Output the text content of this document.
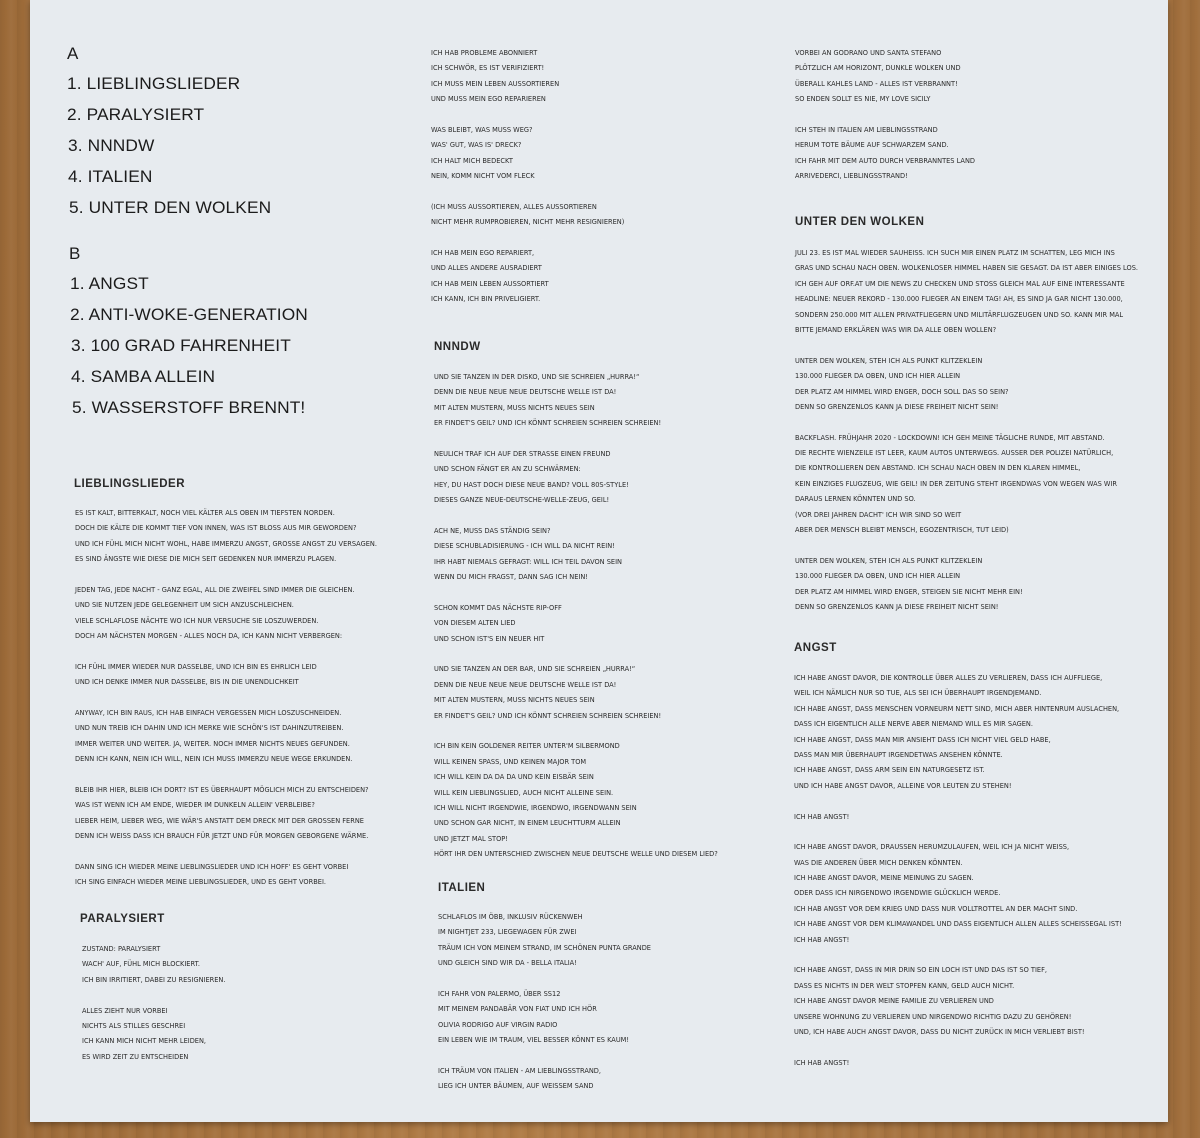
A
1. LIEBLINGSLIEDER
2. PARALYSIERT
3. NNNDW
4. ITALIEN
5. UNTER DEN WOLKEN
B
1. ANGST
2. ANTI-WOKE-GENERATION
3. 100 GRAD FAHRENHEIT
4. SAMBA ALLEIN
5. WASSERSTOFF BRENNT!
LIEBLINGSLIEDER
ES IST KALT, BITTERKALT, NOCH VIEL KÄLTER ALS OBEN IM TIEFSTEN NORDEN.
DOCH DIE KÄLTE DIE KOMMT TIEF VON INNEN, WAS IST BLOSS AUS MIR GEWORDEN?
UND ICH FÜHL MICH NICHT WOHL, HABE IMMERZU ANGST, GROSSE ANGST ZU VERSAGEN.
ES SIND ÄNGSTE WIE DIESE DIE MICH SEIT GEDENKEN NUR IMMERZU PLAGEN.
JEDEN TAG, JEDE NACHT - GANZ EGAL, ALL DIE ZWEIFEL SIND IMMER DIE GLEICHEN.
UND SIE NUTZEN JEDE GELEGENHEIT UM SICH ANZUSCHLEICHEN.
VIELE SCHLAFLOSE NÄCHTE WO ICH NUR VERSUCHE SIE LOSZUWERDEN.
DOCH AM NÄCHSTEN MORGEN - ALLES NOCH DA, ICH KANN NICHT VERBERGEN:
ICH FÜHL IMMER WIEDER NUR DASSELBE, UND ICH BIN ES EHRLICH LEID
UND ICH DENKE IMMER NUR DASSELBE, BIS IN DIE UNENDLICHKEIT
ANYWAY, ICH BIN RAUS, ICH HAB EINFACH VERGESSEN MICH LOSZUSCHNEIDEN.
UND NUN TREIB ICH DAHIN UND ICH MERKE WIE SCHÖN'S IST DAHINZUTREIBEN.
IMMER WEITER UND WEITER. JA, WEITER. NOCH IMMER NICHTS NEUES GEFUNDEN.
DENN ICH KANN, NEIN ICH WILL, NEIN ICH MUSS IMMERZU NEUE WEGE ERKUNDEN.
BLEIB IHR HIER, BLEIB ICH DORT? IST ES ÜBERHAUPT MÖGLICH MICH ZU ENTSCHEIDEN?
WAS IST WENN ICH AM ENDE, WIEDER IM DUNKELN ALLEIN' VERBLEIBE?
LIEBER HEIM, LIEBER WEG, WIE WÄR'S ANSTATT DEM DRECK MIT DER GROSSEN FERNE
DENN ICH WEISS DASS ICH BRAUCH FÜR JETZT UND FÜR MORGEN GEBORGENE WÄRME.
DANN SING ICH WIEDER MEINE LIEBLINGSLIEDER UND ICH HOFF' ES GEHT VORBEI
ICH SING EINFACH WIEDER MEINE LIEBLINGSLIEDER, UND ES GEHT VORBEI.
PARALYSIERT
ZUSTAND: PARALYSIERT
WACH' AUF, FÜHL MICH BLOCKIERT.
ICH BIN IRRITIERT, DABEI ZU RESIGNIEREN.
ALLES ZIEHT NUR VORBEI
NICHTS ALS STILLES GESCHREI
ICH KANN MICH NICHT MEHR LEIDEN,
ES WIRD ZEIT ZU ENTSCHEIDEN
ICH HAB PROBLEME ABONNIERT
ICH SCHWÖR, ES IST VERIFIZIERT!
ICH MUSS MEIN LEBEN AUSSORTIEREN
UND MUSS MEIN EGO REPARIEREN
WAS BLEIBT, WAS MUSS WEG?
WAS' GUT, WAS IS' DRECK?
ICH HALT MICH BEDECKT
NEIN, KOMM NICHT VOM FLECK
(ICH MUSS AUSSORTIEREN, ALLES AUSSORTIEREN
NICHT MEHR RUMPROBIEREN, NICHT MEHR RESIGNIEREN)
ICH HAB MEIN EGO REPARIERT,
UND ALLES ANDERE AUSRADIERT
ICH HAB MEIN LEBEN AUSSORTIERT
ICH KANN, ICH BIN PRIVELIGIERT.
NNNDW
UND SIE TANZEN IN DER DISKO, UND SIE SCHREIEN „HURRA!“
DENN DIE NEUE NEUE NEUE DEUTSCHE WELLE IST DA!
MIT ALTEN MUSTERN, MUSS NICHTS NEUES SEIN
ER FINDET'S GEIL? UND ICH KÖNNT SCHREIEN SCHREIEN SCHREIEN!
NEULICH TRAF ICH AUF DER STRASSE EINEN FREUND
UND SCHON FÄNGT ER AN ZU SCHWÄRMEN:
HEY, DU HAST DOCH DIESE NEUE BAND? VOLL 80S-STYLE!
DIESES GANZE NEUE-DEUTSCHE-WELLE-ZEUG, GEIL!
ACH NE, MUSS DAS STÄNDIG SEIN?
DIESE SCHUBLADISIERUNG - ICH WILL DA NICHT REIN!
IHR HABT NIEMALS GEFRAGT: WILL ICH TEIL DAVON SEIN
WENN DU MICH FRAGST, DANN SAG ICH NEIN!
SCHON KOMMT DAS NÄCHSTE RIP-OFF
VON DIESEM ALTEN LIED
UND SCHON IST'S EIN NEUER HIT
UND SIE TANZEN AN DER BAR, UND SIE SCHREIEN „HURRA!“
DENN DIE NEUE NEUE NEUE DEUTSCHE WELLE IST DA!
MIT ALTEN MUSTERN, MUSS NICHTS NEUES SEIN
ER FINDET'S GEIL? UND ICH KÖNNT SCHREIEN SCHREIEN SCHREIEN!
ICH BIN KEIN GOLDENER REITER UNTER'M SILBERMOND
WILL KEINEN SPASS, UND KEINEN MAJOR TOM
ICH WILL KEIN DA DA DA UND KEIN EISBÄR SEIN
WILL KEIN LIEBLINGSLIED, AUCH NICHT ALLEINE SEIN.
ICH WILL NICHT IRGENDWIE, IRGENDWO, IRGENDWANN SEIN
UND SCHON GAR NICHT, IN EINEM LEUCHTTURM ALLEIN
UND JETZT MAL STOP!
HÖRT IHR DEN UNTERSCHIED ZWISCHEN NEUE DEUTSCHE WELLE UND DIESEM LIED?
ITALIEN
SCHLAFLOS IM ÖBB, INKLUSIV RÜCKENWEH
IM NIGHTJET 233, LIEGEWAGEN FÜR ZWEI
TRÄUM ICH VON MEINEM STRAND, IM SCHÖNEN PUNTA GRANDE
UND GLEICH SIND WIR DA - BELLA ITALIA!
ICH FAHR VON PALERMO, ÜBER SS12
MIT MEINEM PANDABÄR VON FIAT UND ICH HÖR
OLIVIA RODRIGO AUF VIRGIN RADIO
EIN LEBEN WIE IM TRAUM, VIEL BESSER KÖNNT ES KAUM!
ICH TRÄUM VON ITALIEN - AM LIEBLINGSSTRAND,
LIEG ICH UNTER BÄUMEN, AUF WEISSEM SAND
VORBEI AN GODRANO UND SANTA STEFANO
PLÖTZLICH AM HORIZONT, DUNKLE WOLKEN UND
ÜBERALL KAHLES LAND - ALLES IST VERBRANNT!
SO ENDEN SOLLT ES NIE, MY LOVE SICILY
ICH STEH IN ITALIEN AM LIEBLINGSSTRAND
HERUM TOTE BÄUME AUF SCHWARZEM SAND.
ICH FAHR MIT DEM AUTO DURCH VERBRANNTES LAND
ARRIVEDERCI, LIEBLINGSSTRAND!
UNTER DEN WOLKEN
JULI 23. ES IST MAL WIEDER SAUHEISS. ICH SUCH MIR EINEN PLATZ IM SCHATTEN, LEG MICH INS
GRAS UND SCHAU NACH OBEN. WOLKENLOSER HIMMEL HABEN SIE GESAGT. DA IST ABER EINIGES LOS.
ICH GEH AUF ORF.AT UM DIE NEWS ZU CHECKEN UND STOSS GLEICH MAL AUF EINE INTERESSANTE
HEADLINE: NEUER REKORD - 130.000 FLIEGER AN EINEM TAG! AH, ES SIND JA GAR NICHT 130.000,
SONDERN 250.000 MIT ALLEN PRIVATFLIEGERN UND MILITÄRFLUGZEUGEN UND SO. KANN MIR MAL
BITTE JEMAND ERKLÄREN WAS WIR DA ALLE OBEN WOLLEN?
UNTER DEN WOLKEN, STEH ICH ALS PUNKT KLITZEKLEIN
130.000 FLIEGER DA OBEN, UND ICH HIER ALLEIN
DER PLATZ AM HIMMEL WIRD ENGER, DOCH SOLL DAS SO SEIN?
DENN SO GRENZENLOS KANN JA DIESE FREIHEIT NICHT SEIN!
BACKFLASH. FRÜHJAHR 2020 - LOCKDOWN! ICH GEH MEINE TÄGLICHE RUNDE, MIT ABSTAND.
DIE RECHTE WIENZEILE IST LEER, KAUM AUTOS UNTERWEGS. AUSSER DER POLIZEI NATÜRLICH,
DIE KONTROLLIEREN DEN ABSTAND. ICH SCHAU NACH OBEN IN DEN KLAREN HIMMEL,
KEIN EINZIGES FLUGZEUG, WIE GEIL! IN DER ZEITUNG STEHT IRGENDWAS VON WEGEN WAS WIR
DARAUS LERNEN KÖNNTEN UND SO.
(VOR DREI JAHREN DACHT' ICH WIR SIND SO WEIT
ABER DER MENSCH BLEIBT MENSCH, EGOZENTRISCH, TUT LEID)
UNTER DEN WOLKEN, STEH ICH ALS PUNKT KLITZEKLEIN
130.000 FLIEGER DA OBEN, UND ICH HIER ALLEIN
DER PLATZ AM HIMMEL WIRD ENGER, STEIGEN SIE NICHT MEHR EIN!
DENN SO GRENZENLOS KANN JA DIESE FREIHEIT NICHT SEIN!
ANGST
ICH HABE ANGST DAVOR, DIE KONTROLLE ÜBER ALLES ZU VERLIEREN, DASS ICH AUFFLIEGE,
WEIL ICH NÄMLICH NUR SO TUE, ALS SEI ICH ÜBERHAUPT IRGENDJEMAND.
ICH HABE ANGST, DASS MENSCHEN VORNEURM NETT SIND, MICH ABER HINTENRUM AUSLACHEN,
DASS ICH EIGENTLICH ALLE NERVE ABER NIEMAND WILL ES MIR SAGEN.
ICH HABE ANGST, DASS MAN MIR ANSIEHT DASS ICH NICHT VIEL GELD HABE,
DASS MAN MIR ÜBERHAUPT IRGENDETWAS ANSEHEN KÖNNTE.
ICH HABE ANGST, DASS ARM SEIN EIN NATURGESETZ IST.
UND ICH HABE ANGST DAVOR, ALLEINE VOR LEUTEN ZU STEHEN!
ICH HAB ANGST!
ICH HABE ANGST DAVOR, DRAUSSEN HERUMZULAUFEN, WEIL ICH JA NICHT WEISS,
WAS DIE ANDEREN ÜBER MICH DENKEN KÖNNTEN.
ICH HABE ANGST DAVOR, MEINE MEINUNG ZU SAGEN.
ODER DASS ICH NIRGENDWO IRGENDWIE GLÜCKLICH WERDE.
ICH HAB ANGST VOR DEM KRIEG UND DASS NUR VOLLTROTTEL AN DER MACHT SIND.
ICH HABE ANGST VOR DEM KLIMAWANDEL UND DASS EIGENTLICH ALLEN ALLES SCHEISSEGAL IST!
ICH HAB ANGST!
ICH HABE ANGST, DASS IN MIR DRIN SO EIN LOCH IST UND DAS IST SO TIEF,
DASS ES NICHTS IN DER WELT STOPFEN KANN, GELD AUCH NICHT.
ICH HABE ANGST DAVOR MEINE FAMILIE ZU VERLIEREN UND
UNSERE WOHNUNG ZU VERLIEREN UND NIRGENDWO RICHTIG DAZU ZU GEHÖREN!
UND, ICH HABE AUCH ANGST DAVOR, DASS DU NICHT ZURÜCK IN MICH VERLIEBT BIST!
ICH HAB ANGST!
